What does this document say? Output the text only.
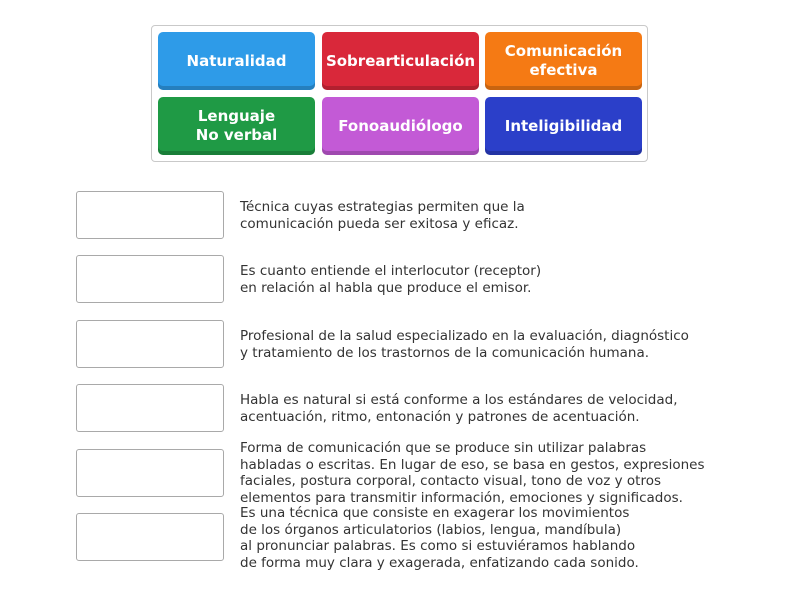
Naturalidad	Sobrearticulación
Comunicación
efectiva
Lenguaje
No verbal
Fonoaudiólogo	Inteligibilidad
Técnica cuyas estrategias permiten que la
comunicación pueda ser exitosa y eficaz.
Es cuanto entiende el interlocutor (receptor)
en relación al habla que produce el emisor.
Profesional de la salud especializado en la evaluación, diagnóstico
y tratamiento de los trastornos de la comunicación humana.
Habla es natural si está conforme a los estándares de velocidad,
acentuación, ritmo, entonación y patrones de acentuación.
Forma de comunicación que se produce sin utilizar palabras
habladas o escritas. En lugar de eso, se basa en gestos, expresiones
faciales, postura corporal, contacto visual, tono de voz y otros
elementos para transmitir información, emociones y significados.
Es una técnica que consiste en exagerar los movimientos
de los órganos articulatorios (labios, lengua, mandíbula)
al pronunciar palabras. Es como si estuviéramos hablando
de forma muy clara y exagerada, enfatizando cada sonido.
